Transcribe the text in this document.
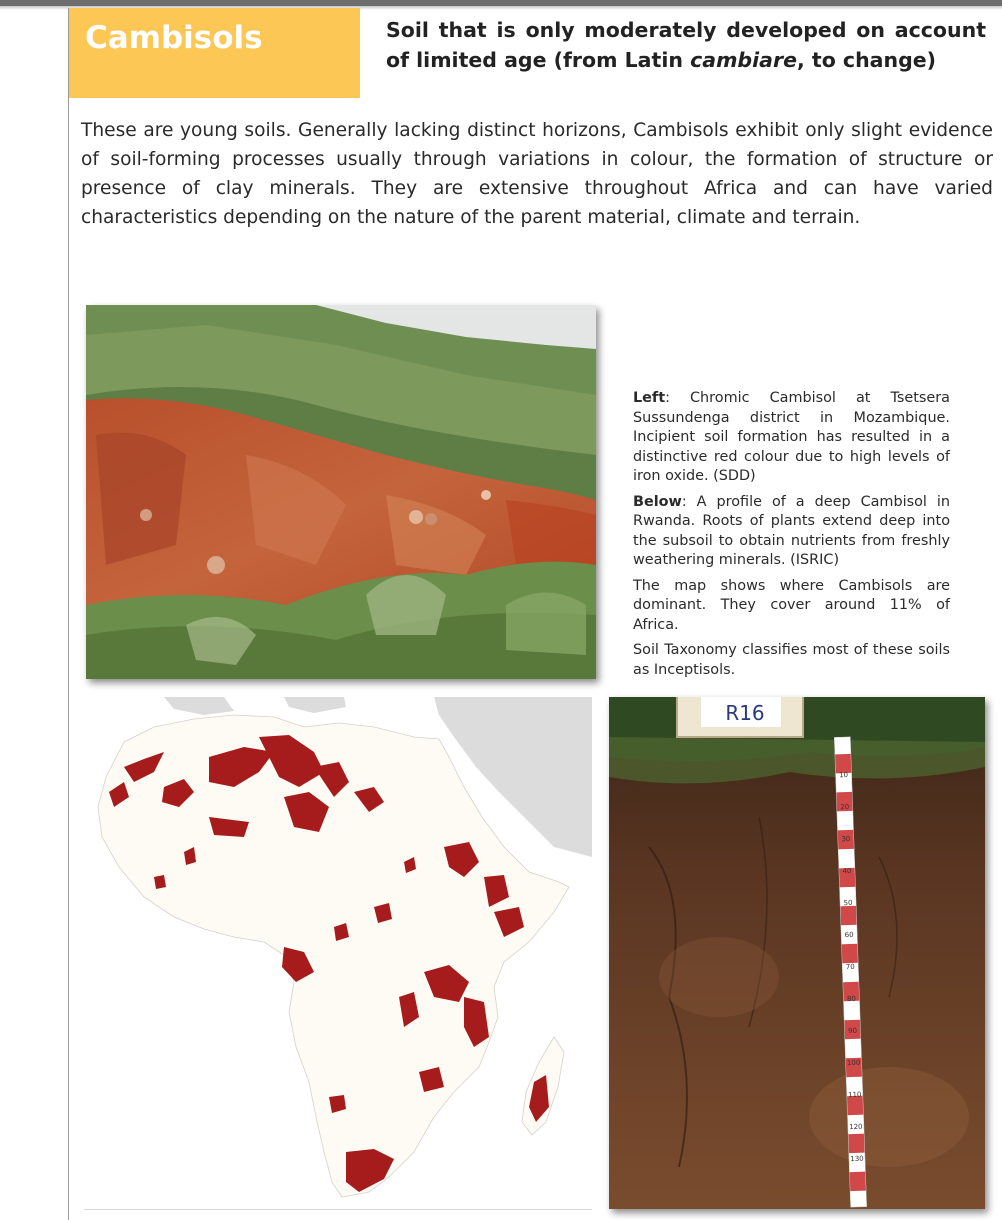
Cambisols	Soil that is only moderately developed on account of limited age (from Latin cambiare, to change)
These are young soils. Generally lacking distinct horizons, Cambisols exhibit only slight evidence of soil-forming processes usually through variations in colour, the formation of structure or presence of clay minerals. They are extensive throughout Africa and can have varied characteristics depending on the nature of the parent material, climate and terrain.

Left: Chromic Cambisol at Tsetsera Sussundenga district in Mozambique. Incipient soil formation has resulted in a distinctive red colour due to high levels of iron oxide. (SDD)

Below: A profile of a deep Cambisol in Rwanda. Roots of plants extend deep into the subsoil to obtain nutrients from freshly weathering minerals. (ISRIC)

The map shows where Cambisols are dominant. They cover around 11% of Africa.

Soil Taxonomy classifies most of these soils as Inceptisols.

R16
10
20
30
40
50
60
70
80
90
100
110
120
130
